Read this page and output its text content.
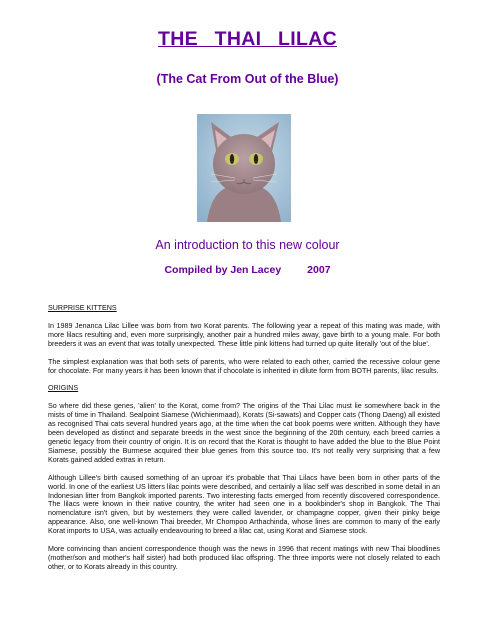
THE THAI LILAC
(The Cat From Out of the Blue)
An introduction to this new colour
Compiled by Jen Lacey 2007
SURPRISE KITTENS

In 1989 Jenanca Lilac Lillee was born from two Korat parents. The following year a repeat of this mating was made, with more lilacs resulting and, even more surprisingly, another pair a hundred miles away, gave birth to a young male. For both breeders it was an event that was totally unexpected. These little pink kittens had turned up quite literally 'out of the blue'.

The simplest explanation was that both sets of parents, who were related to each other, carried the recessive colour gene for chocolate. For many years it has been known that if chocolate is inherited in dilute form from BOTH parents, lilac results.

ORIGINS

So where did these genes, 'alien' to the Korat, come from? The origins of the Thai Lilac must lie somewhere back in the mists of time in Thailand. Sealpoint Siamese (Wichienmaad), Korats (Si-sawats) and Copper cats (Thong Daeng) all existed as recognised Thai cats several hundred years ago, at the time when the cat book poems were written. Although they have been developed as distinct and separate breeds in the west since the beginning of the 20th century, each breed carries a genetic legacy from their country of origin. It is on record that the Korat is thought to have added the blue to the Blue Point Siamese, possibly the Burmese acquired their blue genes from this source too. It's not really very surprising that a few Korats gained added extras in return.

Although Lillee's birth caused something of an uproar it's probable that Thai Lilacs have been born in other parts of the world. In one of the earliest US litters lilac points were described, and certainly a lilac self was described in some detail in an Indonesian litter from Bangkok imported parents. Two interesting facts emerged from recently discovered correspondence. The lilacs were known in their native country, the writer had seen one in a bookbinder's shop in Bangkok. The Thai nomenclature isn't given, but by westerners they were called lavender, or champagne copper, given their pinky beige appearance. Also, one well-known Thai breeder, Mr Chompoo Arthachinda, whose lines are common to many of the early Korat imports to USA, was actually endeavouring to breed a lilac cat, using Korat and Siamese stock.

More convincing than ancient correspondence though was the news in 1996 that recent matings with new Thai bloodlines (mother/son and mother's half sister) had both produced lilac offspring. The three imports were not closely related to each other, or to Korats already in this country.
